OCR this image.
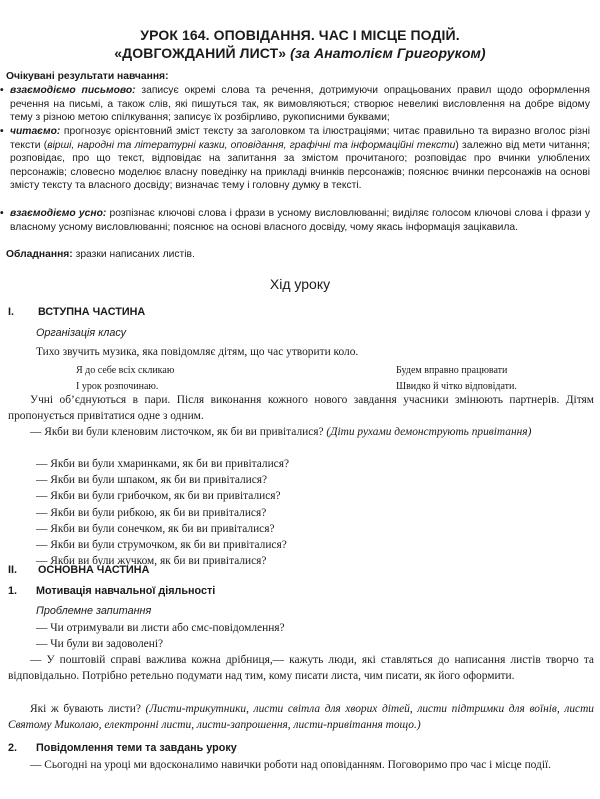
УРОК 164. ОПОВІДАННЯ. ЧАС І МІСЦЕ ПОДІЙ.
«ДОВГОЖДАНИЙ ЛИСТ» (за Анатолієм Григоруком)
Очікувані результати навчання:
• взаємодіємо письмово: записує окремі слова та речення, дотримуючи опрацьованих правил щодо оформлення речення на письмі, а також слів, які пишуться так, як вимовляються; створює невеликі висловлення на добре відому тему з різною метою спілкування; записує їх розбірливо, рукописними буквами;
• читаємо: прогнозує орієнтовний зміст тексту за заголовком та ілюстраціями; читає правильно та виразно вголос різні тексти (вірші, народні та літературні казки, оповідання, графічні та інформаційні тексти) залежно від мети читання; розповідає, про що текст, відповідає на запитання за змістом прочитаного; розповідає про вчинки улюблених персонажів; словесно моделює власну поведінку на прикладі вчинків персонажів; пояснює вчинки персонажів на основі змісту тексту та власного досвіду; визначає тему і головну думку в тексті.
• взаємодіємо усно: розпізнає ключові слова і фрази в усному висловлюванні; виділяє голосом ключові слова і фрази у власному усному висловлюванні; пояснює на основі власного досвіду, чому якась інформація зацікавила.
Обладнання: зразки написаних листів.
Хід уроку
I. ВСТУПНА ЧАСТИНА
Організація класу
Тихо звучить музика, яка повідомляє дітям, що час утворити коло.
Я до себе всіх скликаю
І урок розпочинаю.
Будем вправно працювати
Швидко й чітко відповідати.
Учні об’єднуються в пари. Після виконання кожного нового завдання учасники змінюють партнерів. Дітям пропонується привітатися одне з одним.
— Якби ви були кленовим листочком, як би ви привіталися? (Діти рухами демонструють привітання)
— Якби ви були хмаринками, як би ви привіталися?
— Якби ви були шпаком, як би ви привіталися?
— Якби ви були грибочком, як би ви привіталися?
— Якби ви були рибкою, як би ви привіталися?
— Якби ви були сонечком, як би ви привіталися?
— Якби ви були струмочком, як би ви привіталися?
— Якби ви були жучком, як би ви привіталися?
II. ОСНОВНА ЧАСТИНА
1. Мотивація навчальної діяльності
Проблемне запитання
— Чи отримували ви листи або смс-повідомлення?
— Чи були ви задоволені?
— У поштовій справі важлива кожна дрібниця,— кажуть люди, які ставляться до написання листів творчо та відповідально. Потрібно ретельно подумати над тим, кому писати листа, чим писати, як його оформити.
Які ж бувають листи? (Листи-трикутники, листи світла для хворих дітей, листи підтримки для воїнів, листи Святому Миколаю, електронні листи, листи-запрошення, листи-привітання тощо.)
2. Повідомлення теми та завдань уроку
— Сьогодні на уроці ми вдосконалимо навички роботи над оповіданням. Поговоримо про час і місце події.
